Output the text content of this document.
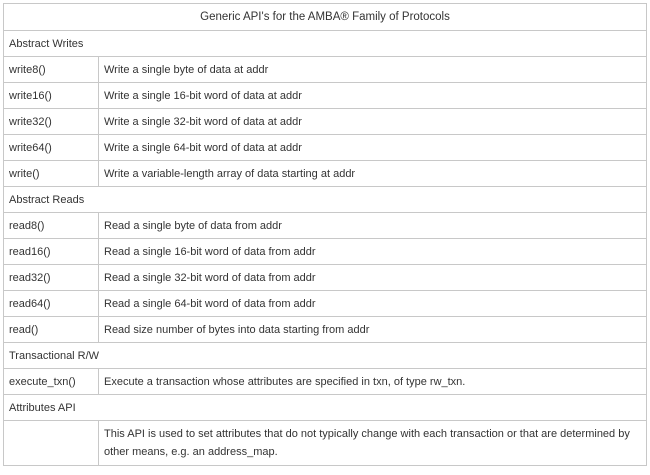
Generic API's for the AMBA® Family of Protocols	
Abstract Writes	
write8()	Write a single byte of data at addr
write16()	Write a single 16-bit word of data at addr
write32()	Write a single 32-bit word of data at addr
write64()	Write a single 64-bit word of data at addr
write()	Write a variable-length array of data starting at addr
Abstract Reads	
read8()	Read a single byte of data from addr
read16()	Read a single 16-bit word of data from addr
read32()	Read a single 32-bit word of data from addr
read64()	Read a single 64-bit word of data from addr
read()	Read size number of bytes into data starting from addr
Transactional R/W	
execute_txn()	Execute a transaction whose attributes are specified in txn, of type rw_txn.
Attributes API	
	This API is used to set attributes that do not typically change with each transaction or that are determined by other means, e.g. an address_map.
